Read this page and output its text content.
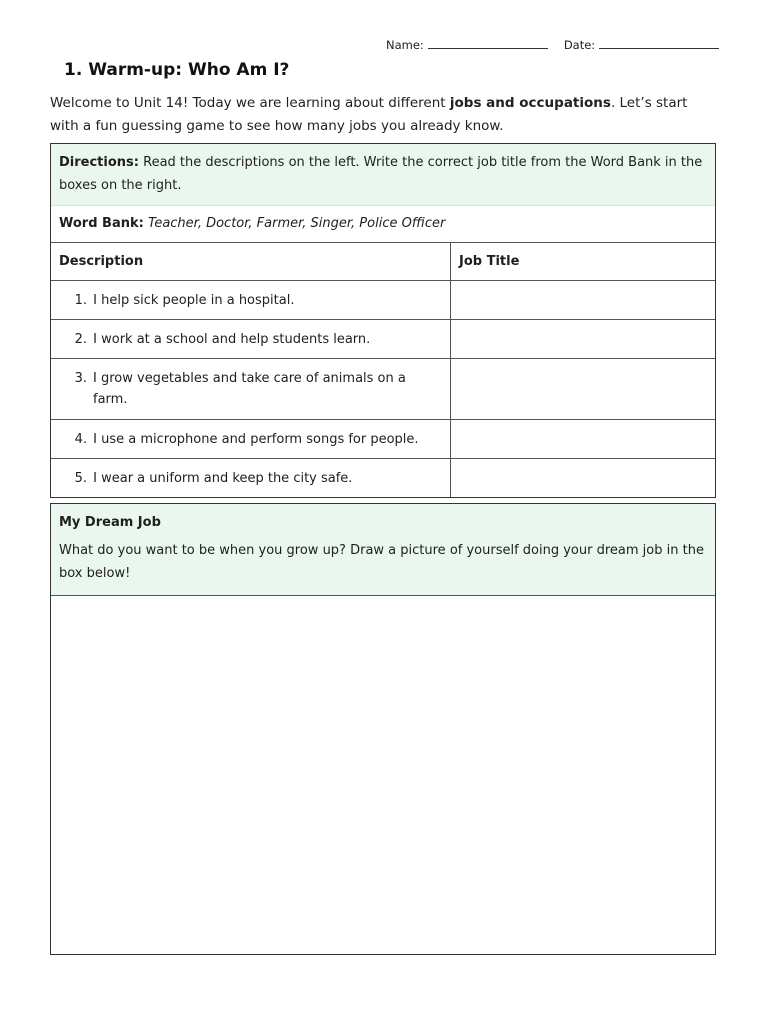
Name:	Date:
1. Warm-up: Who Am I?
Welcome to Unit 14! Today we are learning about different jobs and occupations. Let’s start with a fun guessing game to see how many jobs you already know.
Directions: Read the descriptions on the left. Write the correct job title from the Word Bank in the boxes on the right.
Word Bank: Teacher, Doctor, Farmer, Singer, Police Officer
Description	Job Title
1. I help sick people in a hospital.	
2. I work at a school and help students learn.	

3. I grow vegetables and take care of animals on a farm.	

4. I use a microphone and perform songs for people.	
5. I wear a uniform and keep the city safe.	
My Dream Job
What do you want to be when you grow up? Draw a picture of yourself doing your dream job in the box below!
